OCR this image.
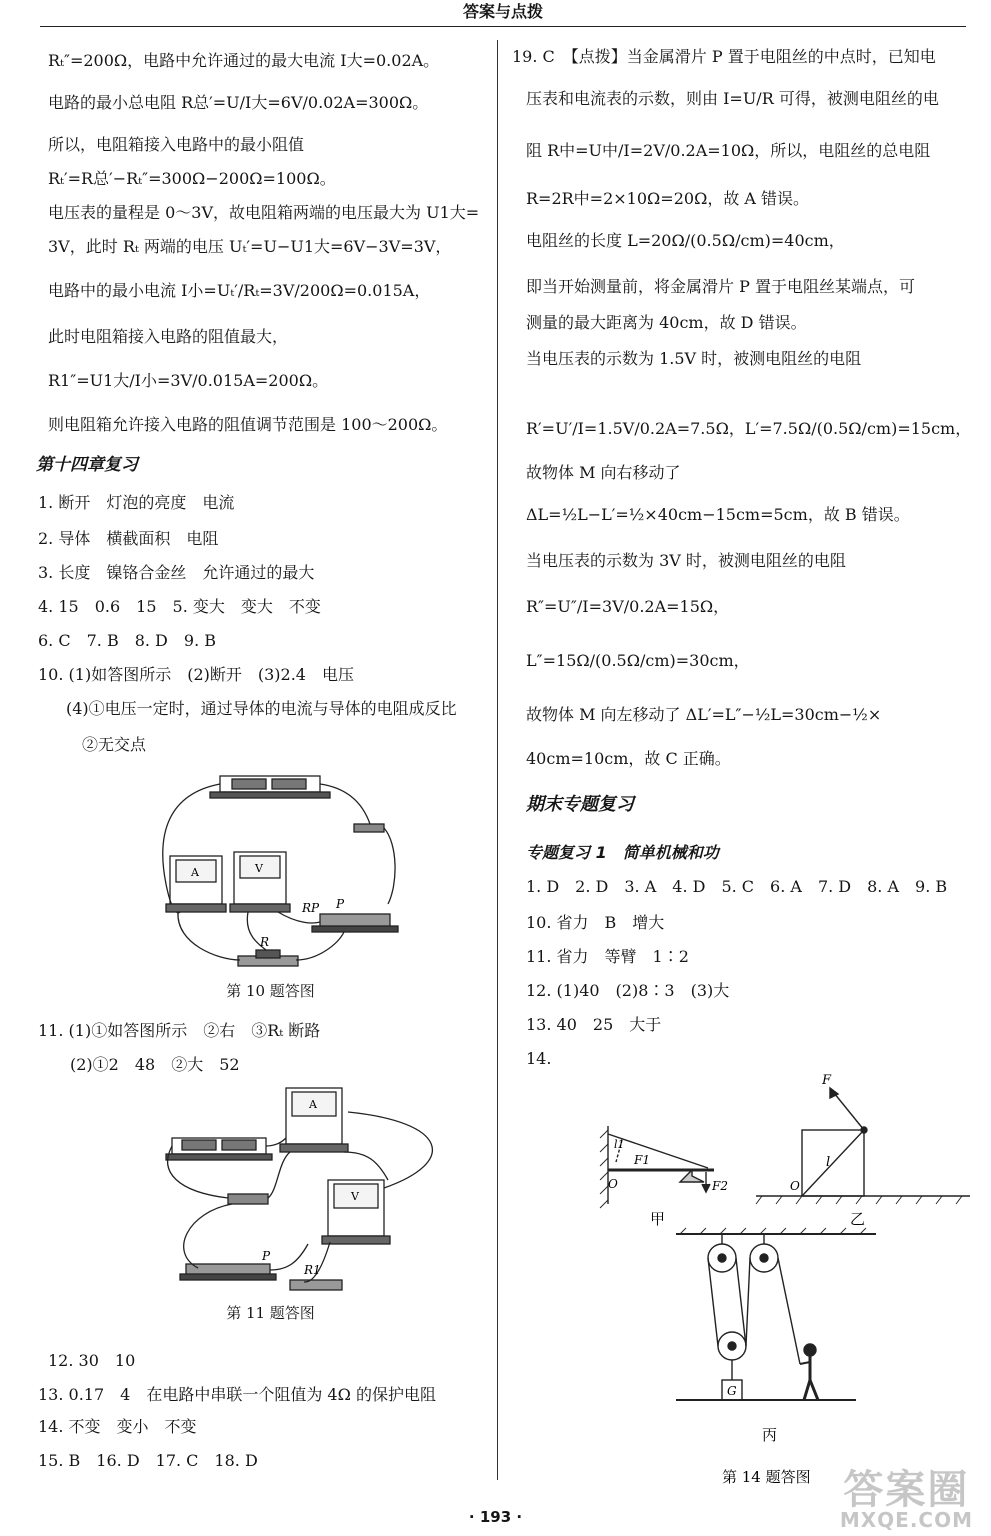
答案与点拨
Rₜ″=200Ω，电路中允许通过的最大电流 I大=0.02A。
电路的最小总电阻 R总′=U/I大=6V/0.02A=300Ω。
所以，电阻箱接入电路中的最小阻值
Rₜ′=R总′−Rₜ″=300Ω−200Ω=100Ω。
电压表的量程是 0～3V，故电阻箱两端的电压最大为 U1大=
3V，此时 Rₜ 两端的电压 Uₜ′=U−U1大=6V−3V=3V，
电路中的最小电流 I小=Uₜ′/Rₜ=3V/200Ω=0.015A，
此时电阻箱接入电路的阻值最大，
R1″=U1大/I小=3V/0.015A=200Ω。
则电阻箱允许接入电路的阻值调节范围是 100～200Ω。
第十四章复习
1. 断开　灯泡的亮度　电流
2. 导体　横截面积　电阻
3. 长度　镍铬合金丝　允许通过的最大
4. 15　0.6　15　5. 变大　变大　不变
6. C　7. B　8. D　9. B
10. (1)如答图所示　(2)断开　(3)2.4　电压
(4)①电压一定时，通过导体的电流与导体的电阻成反比
②无交点
RP P
R
A	V
第 10 题答图
11. (1)①如答图所示　②右　③Rₜ 断路
(2)①2　48　②大　52
P
R1
A
V
第 11 题答图
12. 30　10
13. 0.17　4　在电路中串联一个阻值为 4Ω 的保护电阻
14. 不变　变小　不变
15. B　16. D　17. C　18. D
19. C　【点拨】当金属滑片 P 置于电阻丝的中点时，已知电
压表和电流表的示数，则由 I=U/R 可得，被测电阻丝的电
阻 R中=U中/I=2V/0.2A=10Ω，所以，电阻丝的总电阻
R=2R中=2×10Ω=20Ω，故 A 错误。
电阻丝的长度 L=20Ω/(0.5Ω/cm)=40cm，
即当开始测量前，将金属滑片 P 置于电阻丝某端点，可
测量的最大距离为 40cm，故 D 错误。
当电压表的示数为 1.5V 时，被测电阻丝的电阻
R′=U′/I=1.5V/0.2A=7.5Ω，L′=7.5Ω/(0.5Ω/cm)=15cm，
故物体 M 向右移动了
ΔL=½L−L′=½×40cm−15cm=5cm，故 B 错误。
当电压表的示数为 3V 时，被测电阻丝的电阻
R″=U″/I=3V/0.2A=15Ω，
L″=15Ω/(0.5Ω/cm)=30cm，
故物体 M 向左移动了 ΔL′=L″−½L=30cm−½×
40cm=10cm，故 C 正确。
期末专题复习
专题复习 1　简单机械和功
1. D　2. D　3. A　4. D　5. C　6. A　7. D　8. A　9. B
10. 省力　B　增大
11. 省力　等臂　1∶2
12. (1)40　(2)8∶3　(3)大
13. 40　25　大于
14.
F
F1
F2
l1
l
O	O
G
甲	乙
丙
第 14 题答图
· 193 ·
答案圈
MXQE.COM
